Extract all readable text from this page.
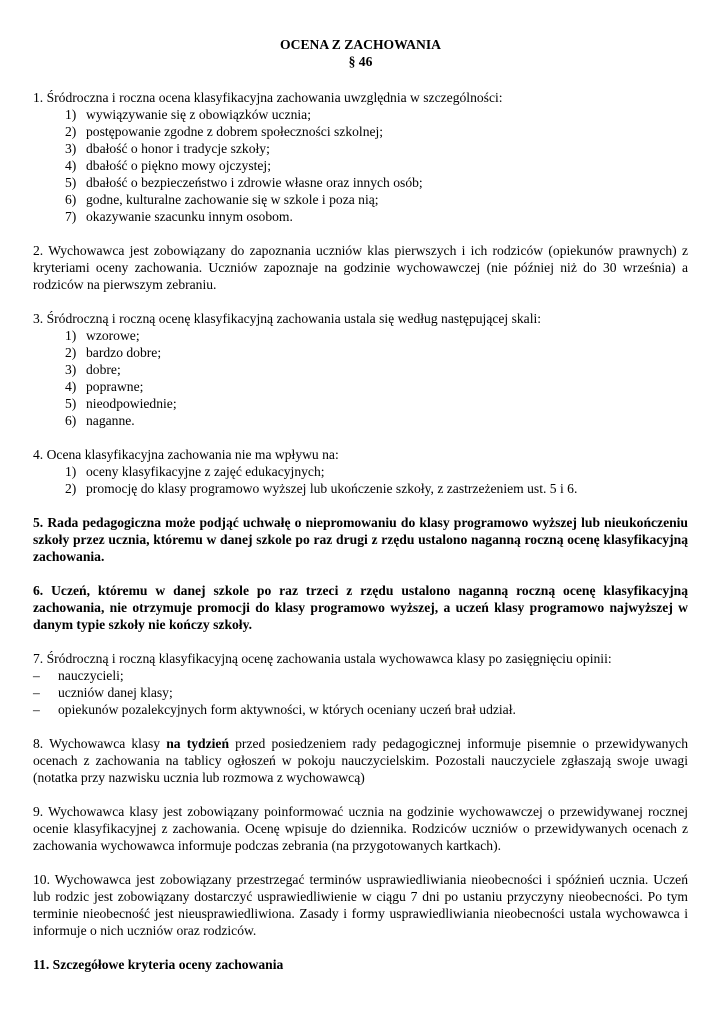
OCENA Z ZACHOWANIA

§ 46

1. Śródroczna i roczna ocena klasyfikacyjna zachowania uwzględnia w szczególności:

1) wywiązywanie się z obowiązków ucznia;
2) postępowanie zgodne z dobrem społeczności szkolnej;
3) dbałość o honor i tradycje szkoły;
4) dbałość o piękno mowy ojczystej;
5) dbałość o bezpieczeństwo i zdrowie własne oraz innych osób;
6) godne, kulturalne zachowanie się w szkole i poza nią;
7) okazywanie szacunku innym osobom.

2. Wychowawca jest zobowiązany do zapoznania uczniów klas pierwszych i ich rodziców (opiekunów prawnych) z kryteriami oceny zachowania. Uczniów zapoznaje na godzinie wychowawczej (nie później niż do 30 września) a rodziców na pierwszym zebraniu.

3. Śródroczną i roczną ocenę klasyfikacyjną zachowania ustala się według następującej skali:

1) wzorowe;
2) bardzo dobre;
3) dobre;
4) poprawne;
5) nieodpowiednie;
6) naganne.

4. Ocena klasyfikacyjna zachowania nie ma wpływu na:

1) oceny klasyfikacyjne z zajęć edukacyjnych;
2) promocję do klasy programowo wyższej lub ukończenie szkoły, z zastrzeżeniem ust. 5 i 6.

5. Rada pedagogiczna może podjąć uchwałę o niepromowaniu do klasy programowo wyższej lub nieukończeniu szkoły przez ucznia, któremu w danej szkole po raz drugi z rzędu ustalono naganną roczną ocenę klasyfikacyjną zachowania.

6. Uczeń, któremu w danej szkole po raz trzeci z rzędu ustalono naganną roczną ocenę klasyfikacyjną zachowania, nie otrzymuje promocji do klasy programowo wyższej, a uczeń klasy programowo najwyższej w danym typie szkoły nie kończy szkoły.

7. Śródroczną i roczną klasyfikacyjną ocenę zachowania ustala wychowawca klasy po zasięgnięciu opinii:

– nauczycieli;
– uczniów danej klasy;
– opiekunów pozalekcyjnych form aktywności, w których oceniany uczeń brał udział.

8. Wychowawca klasy na tydzień przed posiedzeniem rady pedagogicznej informuje pisemnie o przewidywanych ocenach z zachowania na tablicy ogłoszeń w pokoju nauczycielskim. Pozostali nauczyciele zgłaszają swoje uwagi (notatka przy nazwisku ucznia lub rozmowa z wychowawcą)

9. Wychowawca klasy jest zobowiązany poinformować ucznia na godzinie wychowawczej o przewidywanej rocznej ocenie klasyfikacyjnej z zachowania. Ocenę wpisuje do dziennika. Rodziców uczniów o przewidywanych ocenach z zachowania wychowawca informuje podczas zebrania (na przygotowanych kartkach).

10. Wychowawca jest zobowiązany przestrzegać terminów usprawiedliwiania nieobecności i spóźnień ucznia. Uczeń lub rodzic jest zobowiązany dostarczyć usprawiedliwienie w ciągu 7 dni po ustaniu przyczyny nieobecności. Po tym terminie nieobecność jest nieusprawiedliwiona. Zasady i formy usprawiedliwiania nieobecności ustala wychowawca i informuje o nich uczniów oraz rodziców.

11. Szczegółowe kryteria oceny zachowania
